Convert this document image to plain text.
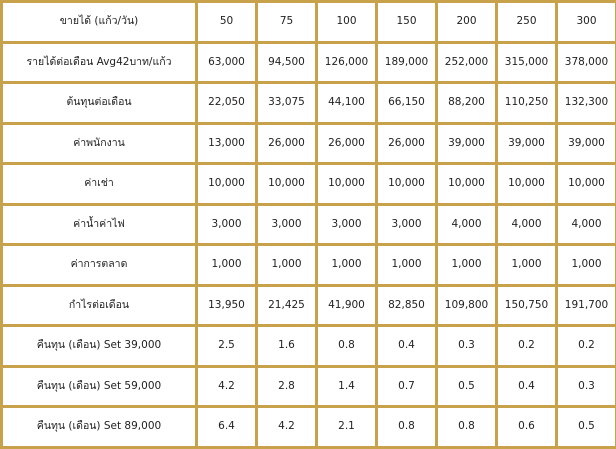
ขายได้ (แก้ว/วัน)	50	75	100	150	200	250	300
รายได้ต่อเดือน Avg42บาท/แก้ว	63,000	94,500	126,000	189,000	252,000	315,000	378,000
ต้นทุนต่อเดือน	22,050	33,075	44,100	66,150	88,200	110,250	132,300
ค่าพนักงาน	13,000	26,000	26,000	26,000	39,000	39,000	39,000
ค่าเช่า	10,000	10,000	10,000	10,000	10,000	10,000	10,000
ค่าน้ำค่าไฟ	3,000	3,000	3,000	3,000	4,000	4,000	4,000
ค่าการตลาด	1,000	1,000	1,000	1,000	1,000	1,000	1,000
กำไรต่อเดือน	13,950	21,425	41,900	82,850	109,800	150,750	191,700
คืนทุน (เดือน) Set 39,000	2.5	1.6	0.8	0.4	0.3	0.2	0.2
คืนทุน (เดือน) Set 59,000	4.2	2.8	1.4	0.7	0.5	0.4	0.3
คืนทุน (เดือน) Set 89,000	6.4	4.2	2.1	0.8	0.8	0.6	0.5
